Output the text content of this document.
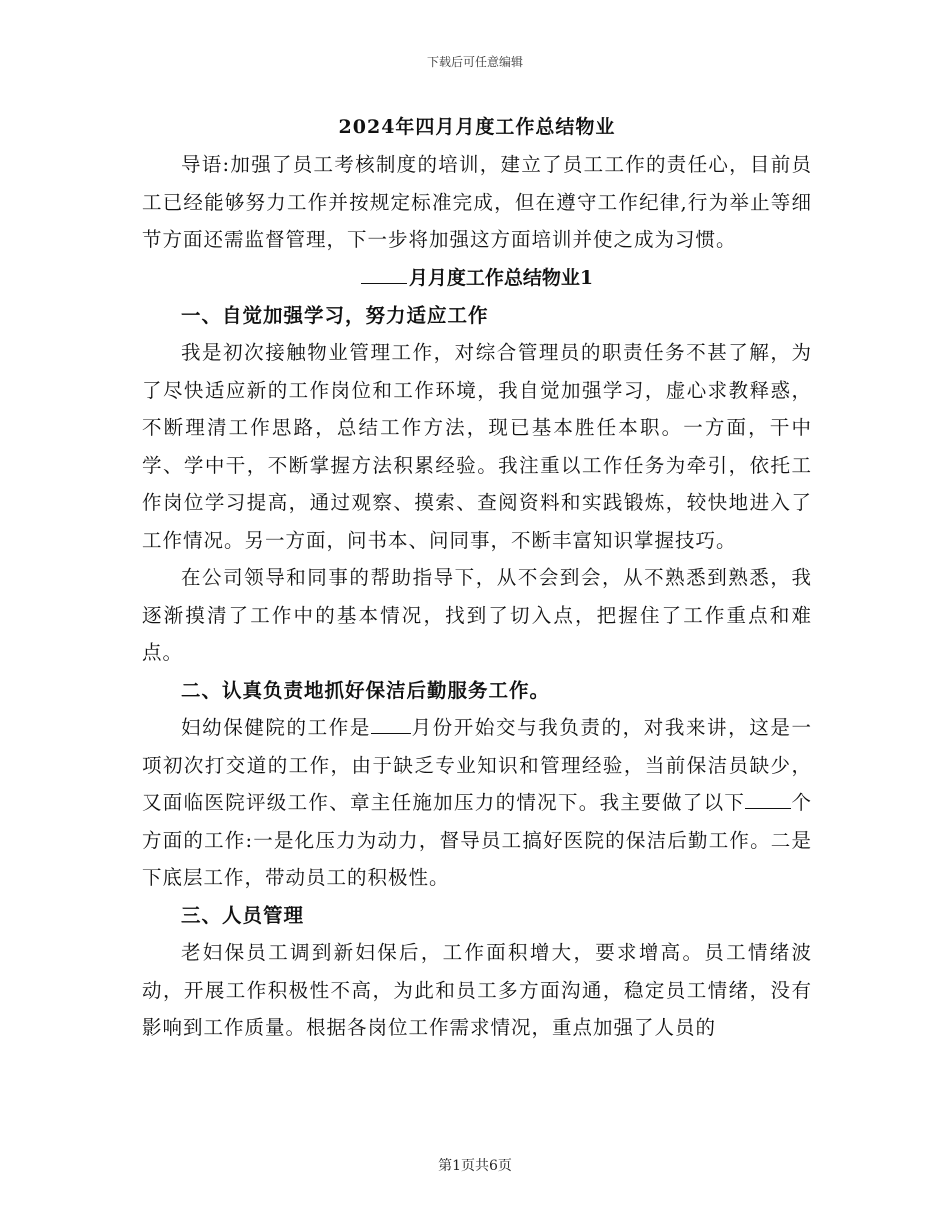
下载后可任意编辑

2024年四月月度工作总结物业

导语:加强了员工考核制度的培训，建立了员工工作的责任心，目前员工已经能够努力工作并按规定标准完成，但在遵守工作纪律,行为举止等细节方面还需监督管理，下一步将加强这方面培训并使之成为习惯。

月月度工作总结物业1

一、自觉加强学习，努力适应工作

我是初次接触物业管理工作，对综合管理员的职责任务不甚了解，为了尽快适应新的工作岗位和工作环境，我自觉加强学习，虚心求教释惑，不断理清工作思路，总结工作方法，现已基本胜任本职。一方面，干中学、学中干，不断掌握方法积累经验。我注重以工作任务为牵引，依托工作岗位学习提高，通过观察、摸索、查阅资料和实践锻炼，较快地进入了工作情况。另一方面，问书本、问同事，不断丰富知识掌握技巧。

在公司领导和同事的帮助指导下，从不会到会，从不熟悉到熟悉，我逐渐摸清了工作中的基本情况，找到了切入点，把握住了工作重点和难点。

二、认真负责地抓好保洁后勤服务工作。

妇幼保健院的工作是 月份开始交与我负责的，对我来讲，这是一项初次打交道的工作，由于缺乏专业知识和管理经验，当前保洁员缺少，又面临医院评级工作、章主任施加压力的情况下。我主要做了以下 个方面的工作:一是化压力为动力，督导员工搞好医院的保洁后勤工作。二是下底层工作，带动员工的积极性。

三、人员管理

老妇保员工调到新妇保后，工作面积增大，要求增高。员工情绪波动，开展工作积极性不高，为此和员工多方面沟通，稳定员工情绪，没有影响到工作质量。根据各岗位工作需求情况，重点加强了人员的

第1页共6页
